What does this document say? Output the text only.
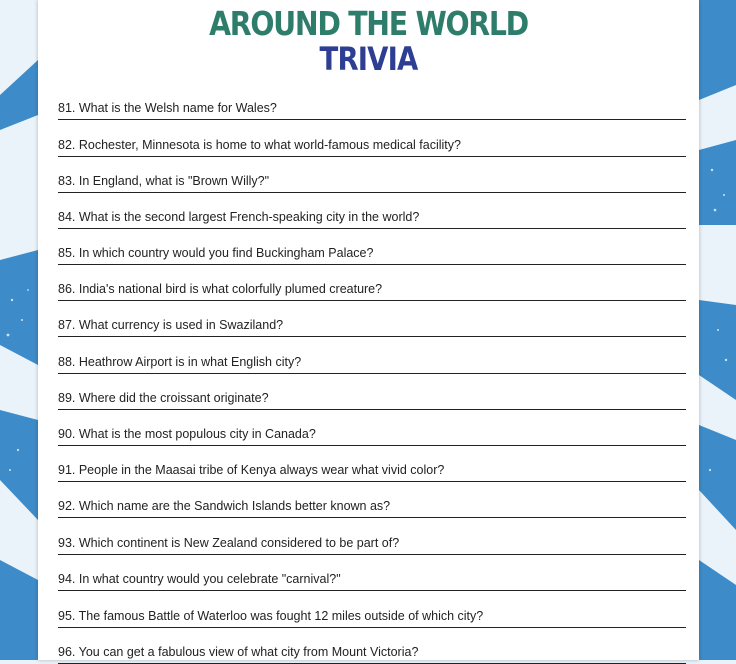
AROUND THE WORLD
TRIVIA
81. What is the Welsh name for Wales?
82. Rochester, Minnesota is home to what world-famous medical facility?
83. In England, what is "Brown Willy?"
84. What is the second largest French-speaking city in the world?
85. In which country would you find Buckingham Palace?
86. India's national bird is what colorfully plumed creature?
87. What currency is used in Swaziland?
88. Heathrow Airport is in what English city?
89. Where did the croissant originate?
90. What is the most populous city in Canada?
91. People in the Maasai tribe of Kenya always wear what vivid color?
92. Which name are the Sandwich Islands better known as?
93. Which continent is New Zealand considered to be part of?
94. In what country would you celebrate "carnival?"
95. The famous Battle of Waterloo was fought 12 miles outside of which city?
96. You can get a fabulous view of what city from Mount Victoria?
